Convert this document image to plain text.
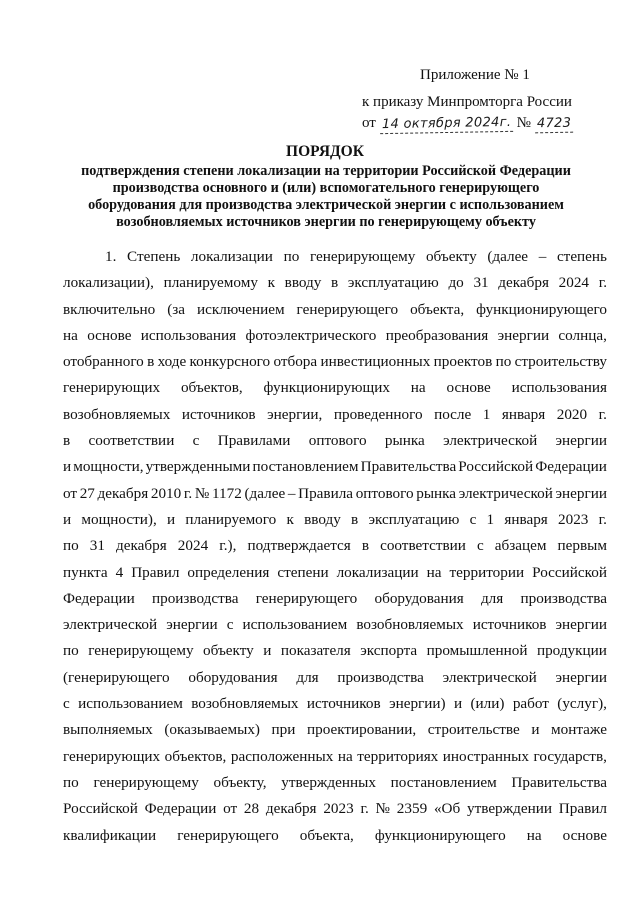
Приложение № 1
к приказу Минпромторга России
от 14 октября 2024г. № 4723
ПОРЯДОК
подтверждения степени локализации на территории Российской Федерации
производства основного и (или) вспомогательного генерирующего
оборудования для производства электрической энергии с использованием
возобновляемых источников энергии по генерирующему объекту
1. Степень локализации по генерирующему объекту (далее – степень
локализации), планируемому к вводу в эксплуатацию до 31 декабря 2024 г.
включительно (за исключением генерирующего объекта, функционирующего
на основе использования фотоэлектрического преобразования энергии солнца,
отобранного в ходе конкурсного отбора инвестиционных проектов по строительству
генерирующих объектов, функционирующих на основе использования
возобновляемых источников энергии, проведенного после 1 января 2020 г.
в соответствии с Правилами оптового рынка электрической энергии
и мощности, утвержденными постановлением Правительства Российской Федерации
от 27 декабря 2010 г. № 1172 (далее – Правила оптового рынка электрической энергии
и мощности), и планируемого к вводу в эксплуатацию с 1 января 2023 г.
по 31 декабря 2024 г.), подтверждается в соответствии с абзацем первым
пункта 4 Правил определения степени локализации на территории Российской
Федерации производства генерирующего оборудования для производства
электрической энергии с использованием возобновляемых источников энергии
по генерирующему объекту и показателя экспорта промышленной продукции
(генерирующего оборудования для производства электрической энергии
с использованием возобновляемых источников энергии) и (или) работ (услуг),
выполняемых (оказываемых) при проектировании, строительстве и монтаже
генерирующих объектов, расположенных на территориях иностранных государств,
по генерирующему объекту, утвержденных постановлением Правительства
Российской Федерации от 28 декабря 2023 г. № 2359 «Об утверждении Правил
квалификации генерирующего объекта, функционирующего на основе
